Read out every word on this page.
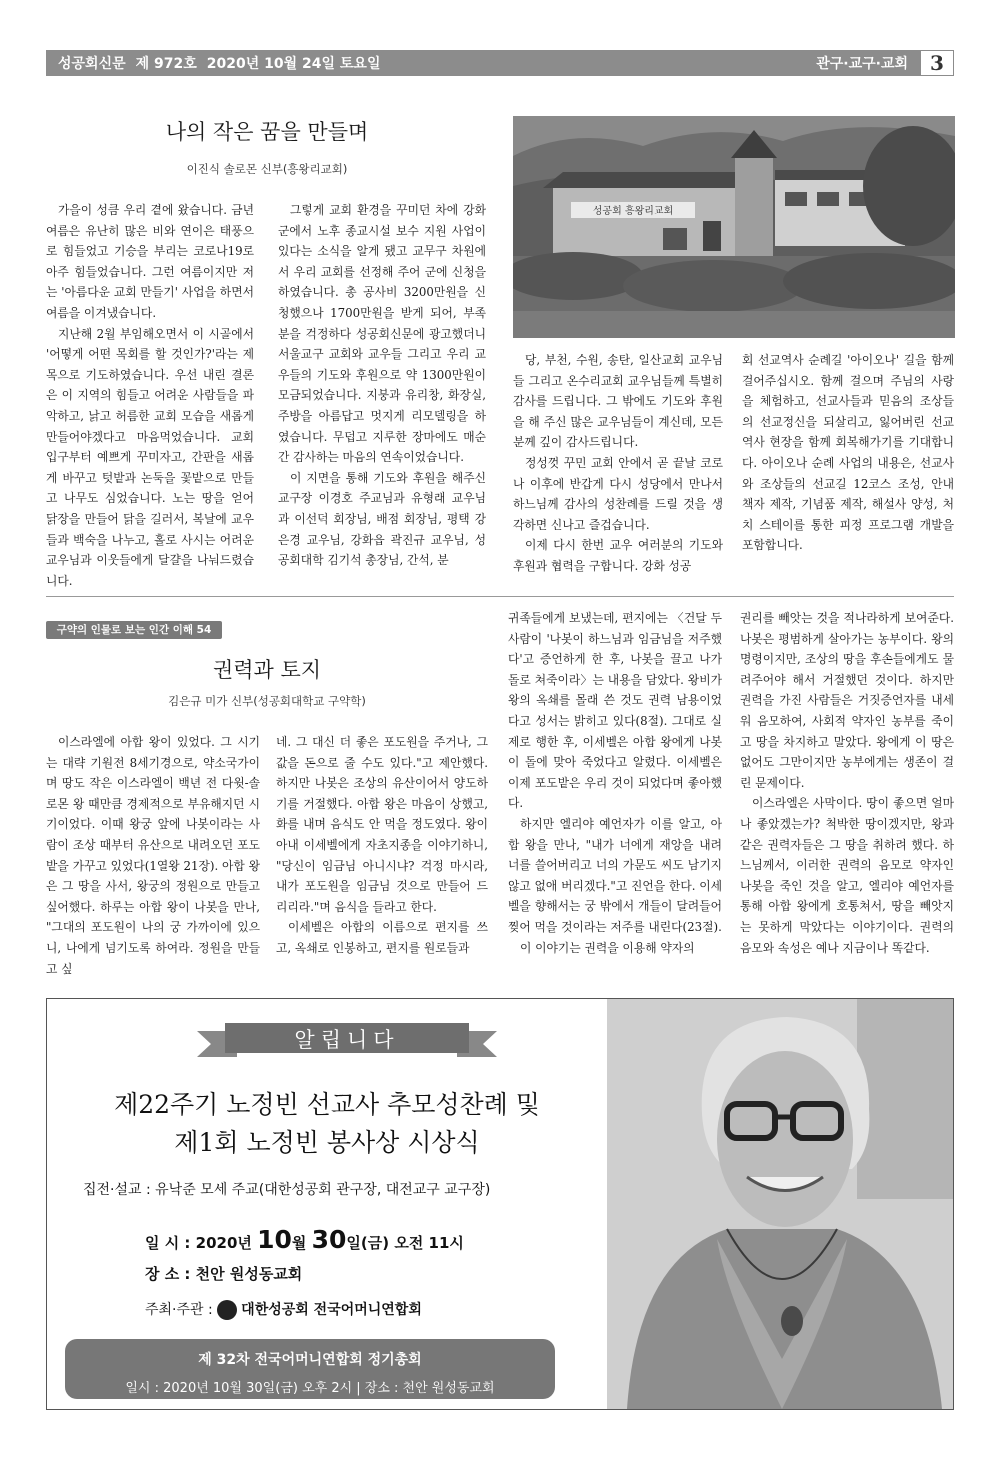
성공회신문 제 972호 2020년 10월 24일 토요일	관구·교구·교회	3
나의 작은 꿈을 만들며
이진식 솔로몬 신부(흥왕리교회)

가을이 성큼 우리 곁에 왔습니다. 금년 여름은 유난히 많은 비와 연이은 태풍으로 힘들었고 기승을 부리는 코로나19로 아주 힘들었습니다. 그런 여름이지만 저는 '아름다운 교회 만들기' 사업을 하면서 여름을 이겨냈습니다.

지난해 2월 부임해오면서 이 시골에서 '어떻게 어떤 목회를 할 것인가?'라는 제목으로 기도하였습니다. 우선 내린 결론은 이 지역의 힘들고 어려운 사람들을 파악하고, 낡고 허름한 교회 모습을 새롭게 만들어야겠다고 마음먹었습니다. 교회 입구부터 예쁘게 꾸미자고, 간판을 새롭게 바꾸고 텃밭과 논둑을 꽃밭으로 만들고 나무도 심었습니다. 노는 땅을 얻어 닭장을 만들어 닭을 길러서, 복날에 교우들과 백숙을 나누고, 홀로 사시는 어려운 교우님과 이웃들에게 달걀을 나눠드렸습니다.

그렇게 교회 환경을 꾸미던 차에 강화군에서 노후 종교시설 보수 지원 사업이 있다는 소식을 알게 됐고 교무구 차원에서 우리 교회를 선정해 주어 군에 신청을 하였습니다. 총 공사비 3200만원을 신청했으나 1700만원을 받게 되어, 부족분을 걱정하다 성공회신문에 광고했더니 서울교구 교회와 교우들 그리고 우리 교우들의 기도와 후원으로 약 1300만원이 모금되었습니다. 지붕과 유리창, 화장실, 주방을 아름답고 멋지게 리모델링을 하였습니다. 무덥고 지루한 장마에도 매순간 감사하는 마음의 연속이었습니다.

이 지면을 통해 기도와 후원을 해주신 교구장 이경호 주교님과 유형래 교우님과 이선덕 회장님, 배점 회장님, 평택 강은경 교우님, 강화읍 곽진규 교우님, 성공회대학 김기석 총장님, 간석, 분

성공회 흥왕리교회

당, 부천, 수원, 송탄, 일산교회 교우님들 그리고 온수리교회 교우님들께 특별히 감사를 드립니다. 그 밖에도 기도와 후원을 해 주신 많은 교우님들이 계신데, 모든 분께 깊이 감사드립니다.

정성껏 꾸민 교회 안에서 곧 끝날 코로나 이후에 반갑게 다시 성당에서 만나서 하느님께 감사의 성찬례를 드릴 것을 생각하면 신나고 즐겁습니다.

이제 다시 한번 교우 여러분의 기도와 후원과 협력을 구합니다. 강화 성공

회 선교역사 순례길 '아이오나' 길을 함께 걸어주십시오. 함께 걸으며 주님의 사랑을 체험하고, 선교사들과 믿음의 조상들의 선교정신을 되살리고, 잃어버린 선교역사 현장을 함께 회복해가기를 기대합니다. 아이오나 순례 사업의 내용은, 선교사와 조상들의 선교길 12코스 조성, 안내 책자 제작, 기념품 제작, 해설사 양성, 처치 스테이를 통한 피정 프로그램 개발을 포함합니다.

구약의 인물로 보는 인간 이해 54
권력과 토지
김은규 미가 신부(성공회대학교 구약학)

이스라엘에 아합 왕이 있었다. 그 시기는 대략 기원전 8세기경으로, 약소국가이며 땅도 작은 이스라엘이 백년 전 다윗-솔로몬 왕 때만큼 경제적으로 부유해지던 시기이었다. 이때 왕궁 앞에 나봇이라는 사람이 조상 때부터 유산으로 내려오던 포도밭을 가꾸고 있었다(1열왕 21장). 아합 왕은 그 땅을 사서, 왕궁의 정원으로 만들고 싶어했다. 하루는 아합 왕이 나봇을 만나, "그대의 포도원이 나의 궁 가까이에 있으니, 나에게 넘기도록 하여라. 정원을 만들고 싶

네. 그 대신 더 좋은 포도원을 주거나, 그 값을 돈으로 줄 수도 있다."고 제안했다. 하지만 나봇은 조상의 유산이어서 양도하기를 거절했다. 아합 왕은 마음이 상했고, 화를 내며 음식도 안 먹을 정도였다. 왕이 아내 이세벨에게 자초지종을 이야기하니, "당신이 임금님 아니시냐? 걱정 마시라, 내가 포도원을 임금님 것으로 만들어 드리리라."며 음식을 들라고 한다.

이세벨은 아합의 이름으로 편지를 쓰고, 옥쇄로 인봉하고, 편지를 원로들과

귀족들에게 보냈는데, 편지에는 〈건달 두 사람이 '나봇이 하느님과 임금님을 저주했다'고 증언하게 한 후, 나봇을 끌고 나가 돌로 쳐죽이라〉는 내용을 담았다. 왕비가 왕의 옥쇄를 몰래 쓴 것도 권력 남용이었다고 성서는 밝히고 있다(8절). 그대로 실제로 행한 후, 이세벨은 아합 왕에게 나봇이 돌에 맞아 죽었다고 알렸다. 이세벨은 이제 포도밭은 우리 것이 되었다며 좋아했다.

하지만 엘리야 예언자가 이를 알고, 아합 왕을 만나, "내가 너에게 재앙을 내려 너를 쓸어버리고 너의 가문도 씨도 남기지 않고 없애 버리겠다."고 진언을 한다. 이세벨을 향해서는 궁 밖에서 개들이 달려들어 찢어 먹을 것이라는 저주를 내린다(23절).

이 이야기는 권력을 이용해 약자의

권리를 빼앗는 것을 적나라하게 보여준다. 나봇은 평범하게 살아가는 농부이다. 왕의 명령이지만, 조상의 땅을 후손들에게도 물려주어야 해서 거절했던 것이다. 하지만 권력을 가진 사람들은 거짓증언자를 내세워 음모하여, 사회적 약자인 농부를 죽이고 땅을 차지하고 말았다. 왕에게 이 땅은 없어도 그만이지만 농부에게는 생존이 걸린 문제이다.

이스라엘은 사막이다. 땅이 좋으면 얼마나 좋았겠는가? 척박한 땅이겠지만, 왕과 같은 권력자들은 그 땅을 취하려 했다. 하느님께서, 이러한 권력의 음모로 약자인 나봇을 죽인 것을 알고, 엘리야 예언자를 통해 아합 왕에게 호통쳐서, 땅을 빼앗지는 못하게 막았다는 이야기이다. 권력의 음모와 속성은 예나 지금이나 똑같다.

알립니다
제22주기 노정빈 선교사 추모성찬례 및
제1회 노정빈 봉사상 시상식
집전·설교 : 유낙준 모세 주교(대한성공회 관구장, 대전교구 교구장)
일 시 : 2020년 10월 30일(금) 오전 11시
장 소 : 천안 원성동교회
주최·주관 : 대한성공회 전국어머니연합회
제 32차 전국어머니연합회 정기총회
일시 : 2020년 10월 30일(금) 오후 2시 | 장소 : 천안 원성동교회
